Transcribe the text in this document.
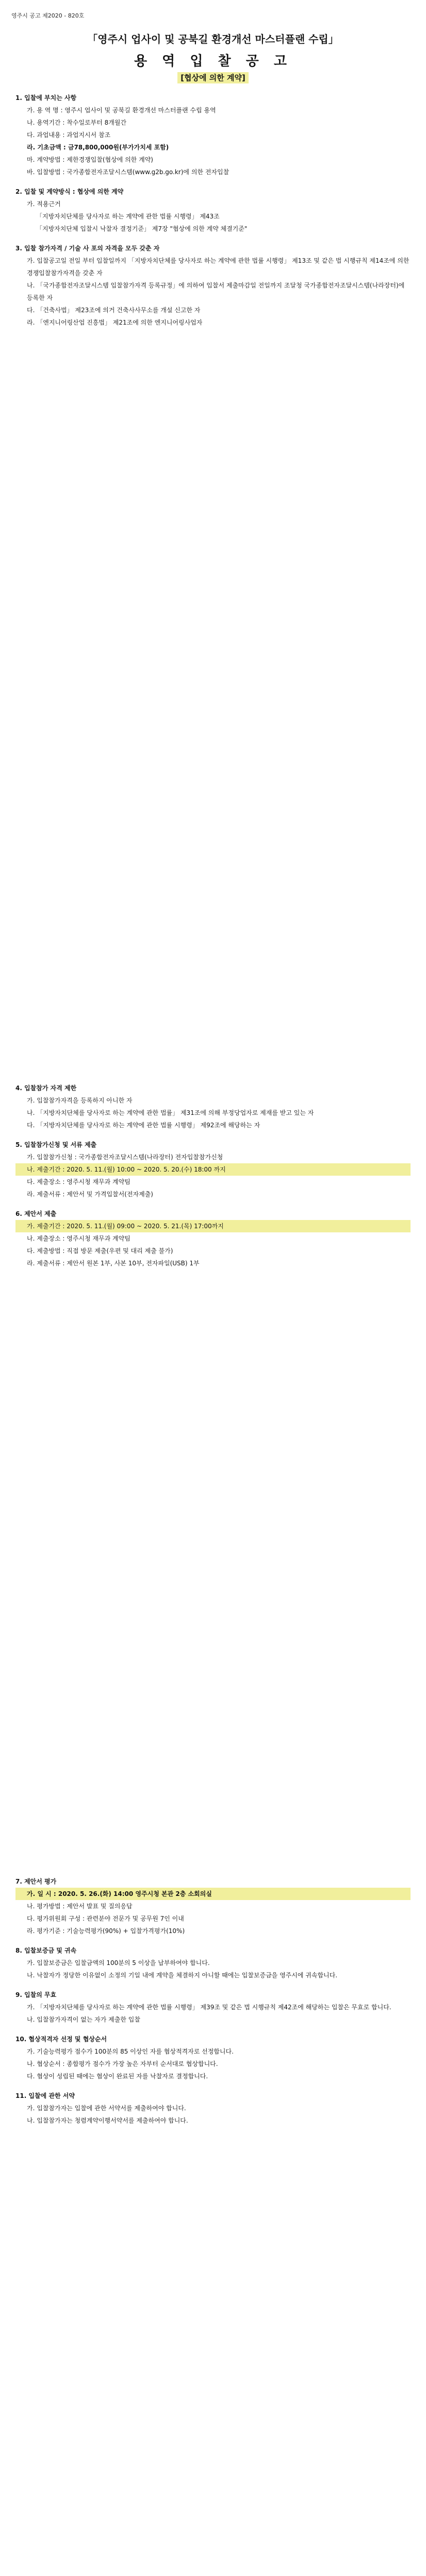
영주시 공고 제2020 - 820호
「영주시 업사이 및 공북길 환경개선 마스터플랜 수립」
용 역 입 찰 공 고
[협상에 의한 계약]
1. 입찰에 부치는 사항
가. 용 역 명 : 영주시 업사이 및 공북길 환경개선 마스터플랜 수립 용역
나. 용역기간 : 착수일로부터 8개월간
다. 과업내용 : 과업지시서 참조
라. 기초금액 : 금78,800,000원(부가가치세 포함)
마. 계약방법 : 제한경쟁입찰(협상에 의한 계약)
바. 입찰방법 : 국가종합전자조달시스템(www.g2b.go.kr)에 의한 전자입찰
2. 입찰 및 계약방식 : 협상에 의한 계약
가. 적용근거
「지방자치단체를 당사자로 하는 계약에 관한 법률 시행령」 제43조
「지방자치단체 입찰시 낙찰자 결정기준」 제7장 "협상에 의한 계약 체결기준"
3. 입찰 참가자격 / 기술 사 포의 자격을 모두 갖춘 자
가. 입찰공고일 전일 부터 입찰일까지 「지방자치단체를 당사자로 하는 계약에 관한 법률 시행령」 제13조 및 같은 법 시행규칙 제14조에 의한 경쟁입찰참가자격을 갖춘 자
나. 「국가종합전자조달시스템 입찰참가자격 등록규정」에 의하여 입찰서 제출마감일 전일까지 조달청 국가종합전자조달시스템(나라장터)에 등록한 자
다. 「건축사법」 제23조에 의거 건축사사무소를 개설 신고한 자
라. 「엔지니어링산업 진흥법」 제21조에 의한 엔지니어링사업자
4. 입찰참가 자격 제한
가. 입찰참가자격을 등록하지 아니한 자
나. 「지방자치단체를 당사자로 하는 계약에 관한 법률」 제31조에 의해 부정당업자로 제재를 받고 있는 자
다. 「지방자치단체를 당사자로 하는 계약에 관한 법률 시행령」 제92조에 해당하는 자
5. 입찰참가신청 및 서류 제출
가. 입찰참가신청 : 국가종합전자조달시스템(나라장터) 전자입찰참가신청
나. 제출기간 : 2020. 5. 11.(월) 10:00 ~ 2020. 5. 20.(수) 18:00 까지
다. 제출장소 : 영주시청 재무과 계약팀
라. 제출서류 : 제안서 및 가격입찰서(전자제출)
6. 제안서 제출
가. 제출기간 : 2020. 5. 11.(월) 09:00 ~ 2020. 5. 21.(목) 17:00까지
나. 제출장소 : 영주시청 재무과 계약팀
다. 제출방법 : 직접 방문 제출(우편 및 대리 제출 불가)
라. 제출서류 : 제안서 원본 1부, 사본 10부, 전자파일(USB) 1부
7. 제안서 평가
가. 일 시 : 2020. 5. 26.(화) 14:00 영주시청 본관 2층 소회의실
나. 평가방법 : 제안서 발표 및 질의응답
다. 평가위원회 구성 : 관련분야 전문가 및 공무원 7인 이내
라. 평가기준 : 기술능력평가(90%) + 입찰가격평가(10%)
8. 입찰보증금 및 귀속
가. 입찰보증금은 입찰금액의 100분의 5 이상을 납부하여야 합니다.
나. 낙찰자가 정당한 이유없이 소정의 기일 내에 계약을 체결하지 아니할 때에는 입찰보증금을 영주시에 귀속합니다.
9. 입찰의 무효
가. 「지방자치단체를 당사자로 하는 계약에 관한 법률 시행령」 제39조 및 같은 법 시행규칙 제42조에 해당하는 입찰은 무효로 합니다.
나. 입찰참가자격이 없는 자가 제출한 입찰
10. 협상적격자 선정 및 협상순서
가. 기술능력평가 점수가 100분의 85 이상인 자를 협상적격자로 선정합니다.
나. 협상순서 : 종합평가 점수가 가장 높은 자부터 순서대로 협상합니다.
다. 협상이 성립된 때에는 협상이 완료된 자를 낙찰자로 결정합니다.
11. 입찰에 관한 서약
가. 입찰참가자는 입찰에 관한 서약서를 제출하여야 합니다.
나. 입찰참가자는 청렴계약이행서약서를 제출하여야 합니다.
